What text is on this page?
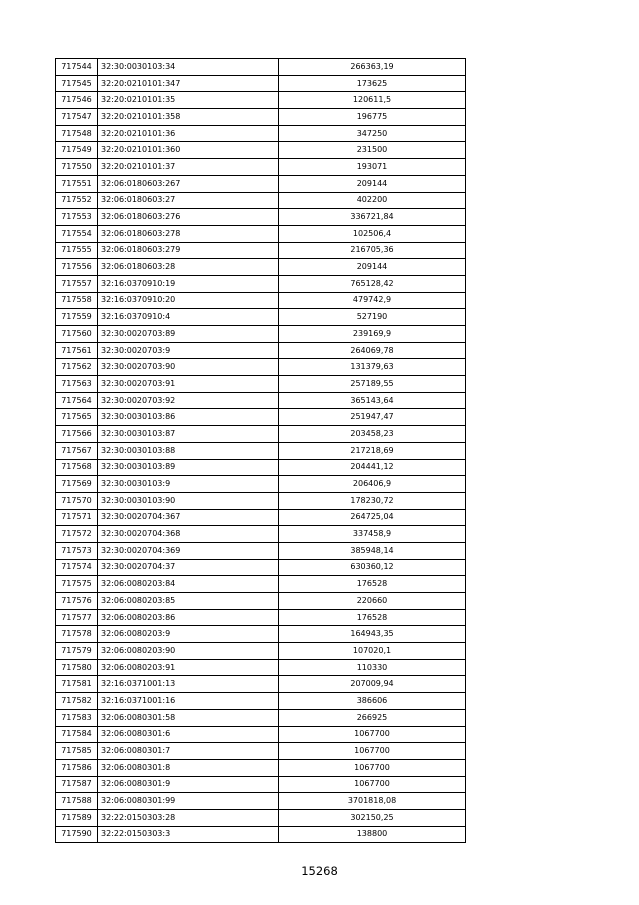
717544	32:30:0030103:34	266363,19
717545	32:20:0210101:347	173625
717546	32:20:0210101:35	120611,5
717547	32:20:0210101:358	196775
717548	32:20:0210101:36	347250
717549	32:20:0210101:360	231500
717550	32:20:0210101:37	193071
717551	32:06:0180603:267	209144
717552	32:06:0180603:27	402200
717553	32:06:0180603:276	336721,84
717554	32:06:0180603:278	102506,4
717555	32:06:0180603:279	216705,36
717556	32:06:0180603:28	209144
717557	32:16:0370910:19	765128,42
717558	32:16:0370910:20	479742,9
717559	32:16:0370910:4	527190
717560	32:30:0020703:89	239169,9
717561	32:30:0020703:9	264069,78
717562	32:30:0020703:90	131379,63
717563	32:30:0020703:91	257189,55
717564	32:30:0020703:92	365143,64
717565	32:30:0030103:86	251947,47
717566	32:30:0030103:87	203458,23
717567	32:30:0030103:88	217218,69
717568	32:30:0030103:89	204441,12
717569	32:30:0030103:9	206406,9
717570	32:30:0030103:90	178230,72
717571	32:30:0020704:367	264725,04
717572	32:30:0020704:368	337458,9
717573	32:30:0020704:369	385948,14
717574	32:30:0020704:37	630360,12
717575	32:06:0080203:84	176528
717576	32:06:0080203:85	220660
717577	32:06:0080203:86	176528
717578	32:06:0080203:9	164943,35
717579	32:06:0080203:90	107020,1
717580	32:06:0080203:91	110330
717581	32:16:0371001:13	207009,94
717582	32:16:0371001:16	386606
717583	32:06:0080301:58	266925
717584	32:06:0080301:6	1067700
717585	32:06:0080301:7	1067700
717586	32:06:0080301:8	1067700
717587	32:06:0080301:9	1067700
717588	32:06:0080301:99	3701818,08
717589	32:22:0150303:28	302150,25
717590	32:22:0150303:3	138800
15268
